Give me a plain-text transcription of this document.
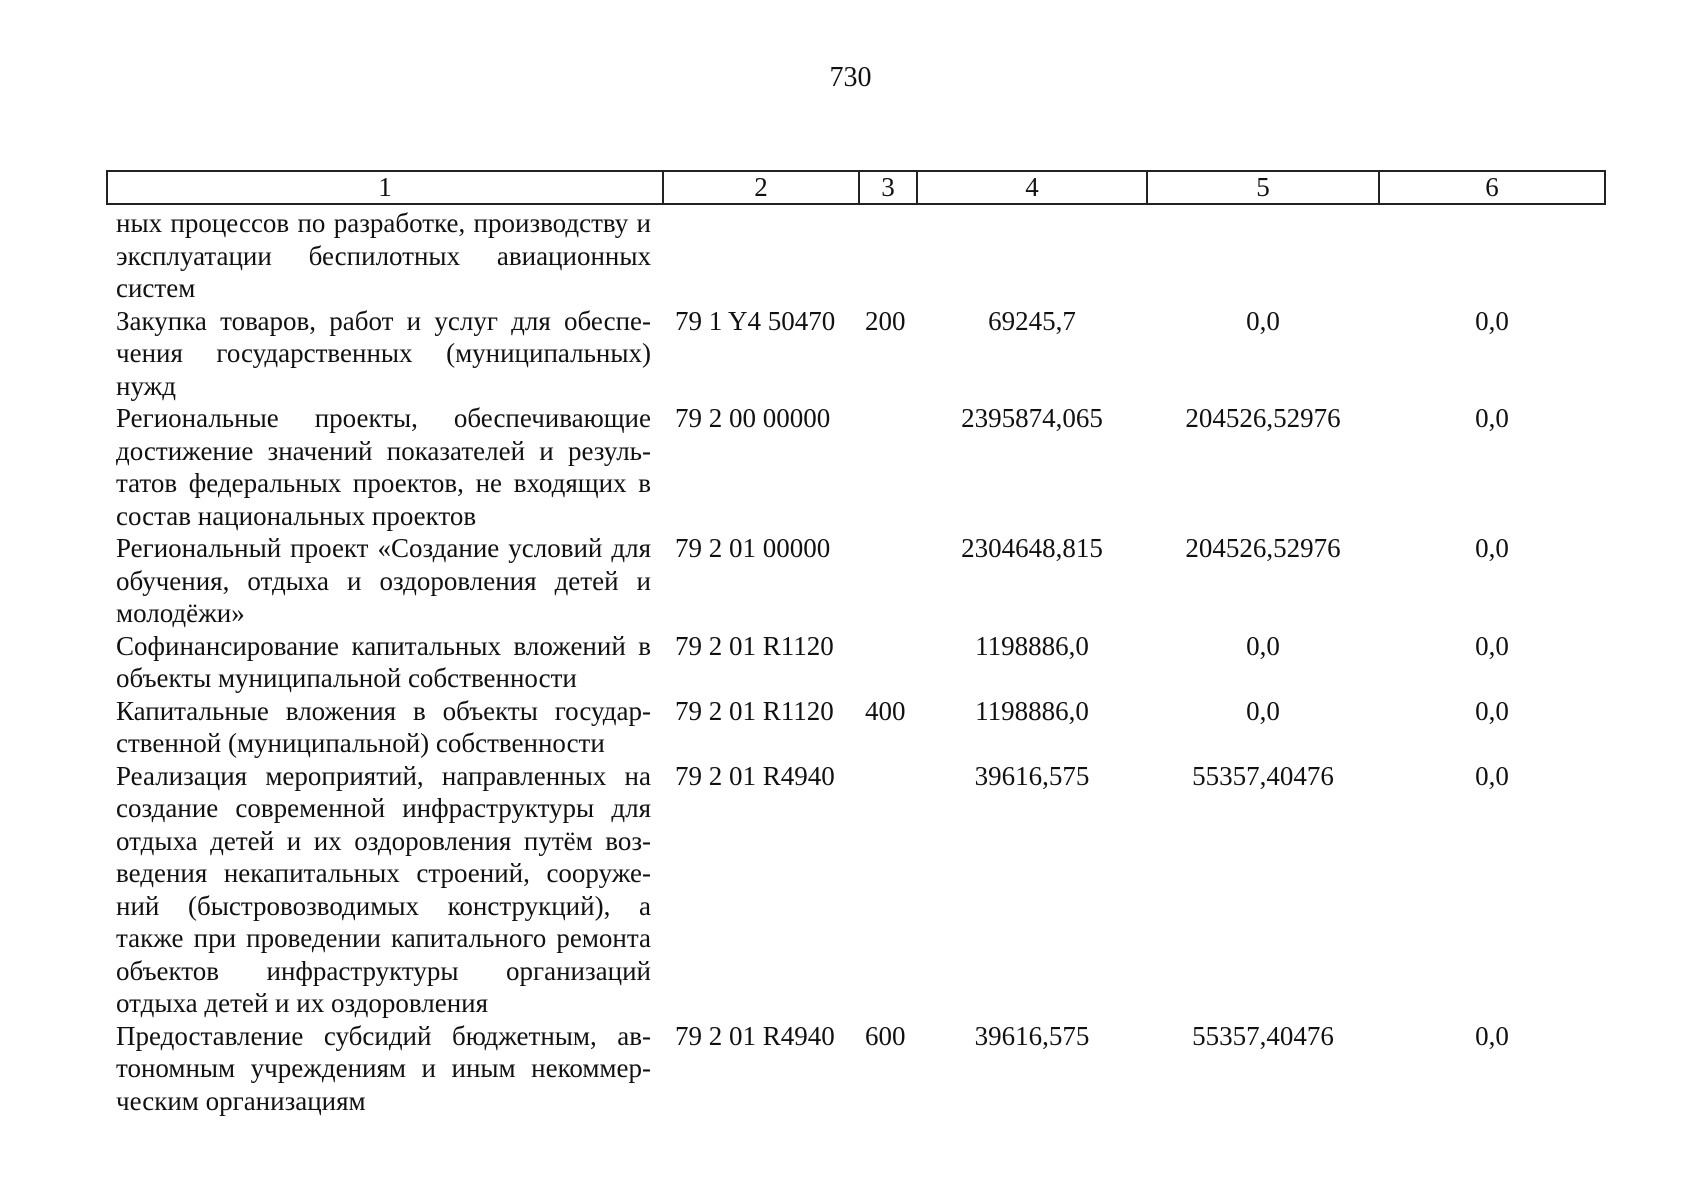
730
1	2	3	4	5	6
ных процессов по разработке, производству и эксплуатации беспилотных авиационных систем					
Закупка товаров, работ и услуг для обеспечения государственных (муниципальных) нужд	79 1 Y4 50470	200	69245,7	0,0	0,0
Региональные проекты, обеспечивающие достижение значений показателей и результатов федеральных проектов, не входящих в состав национальных проектов	79 2 00 00000		2395874,065	204526,52976	0,0
Региональный проект «Создание условий для обучения, отдыха и оздоровления детей и молодёжи»	79 2 01 00000		2304648,815	204526,52976	0,0
Софинансирование капитальных вложений в объекты муниципальной собственности	79 2 01 R1120		1198886,0	0,0	0,0
Капитальные вложения в объекты государственной (муниципальной) собственности	79 2 01 R1120	400	1198886,0	0,0	0,0
Реализация мероприятий, направленных на создание современной инфраструктуры для отдыха детей и их оздоровления путём возведения некапитальных строений, сооружений (быстровозводимых конструкций), а также при проведении капитального ремонта объектов инфраструктуры организаций отдыха детей и их оздоровления	79 2 01 R4940		39616,575	55357,40476	0,0
Предоставление субсидий бюджетным, автономным учреждениям и иным некоммерческим организациям	79 2 01 R4940	600	39616,575	55357,40476	0,0
